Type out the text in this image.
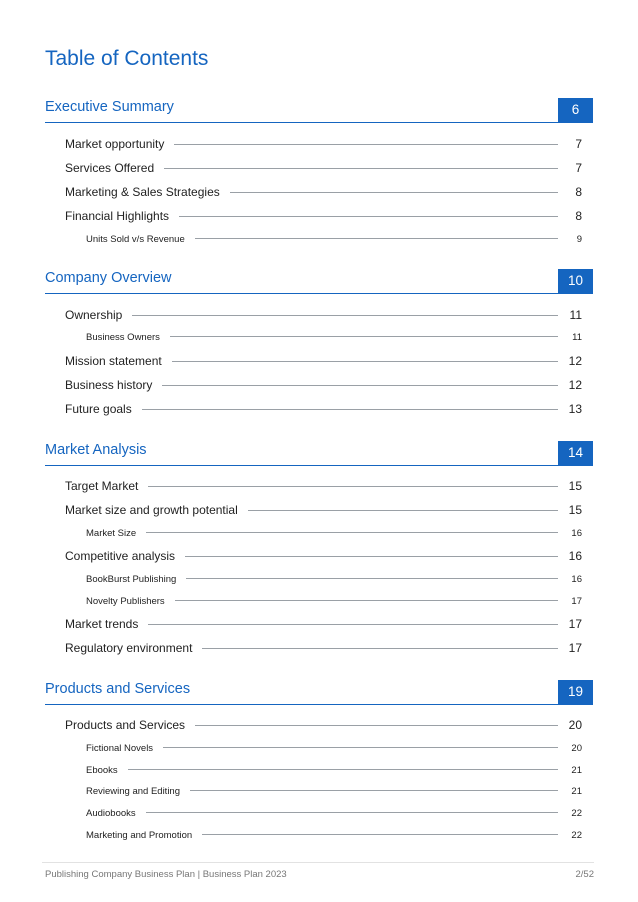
Table of Contents
Executive Summary	6
Market opportunity	7
Services Offered	7
Marketing & Sales Strategies	8
Financial Highlights	8
Units Sold v/s Revenue	9
Company Overview	10
Ownership	11
Business Owners	11
Mission statement	12
Business history	12
Future goals	13
Market Analysis	14
Target Market	15
Market size and growth potential	15
Market Size	16
Competitive analysis	16
BookBurst Publishing	16
Novelty Publishers	17
Market trends	17
Regulatory environment	17
Products and Services	19
Products and Services	20
Fictional Novels	20
Ebooks	21
Reviewing and Editing	21
Audiobooks	22
Marketing and Promotion	22
Publishing Company Business Plan | Business Plan 2023	2/52
